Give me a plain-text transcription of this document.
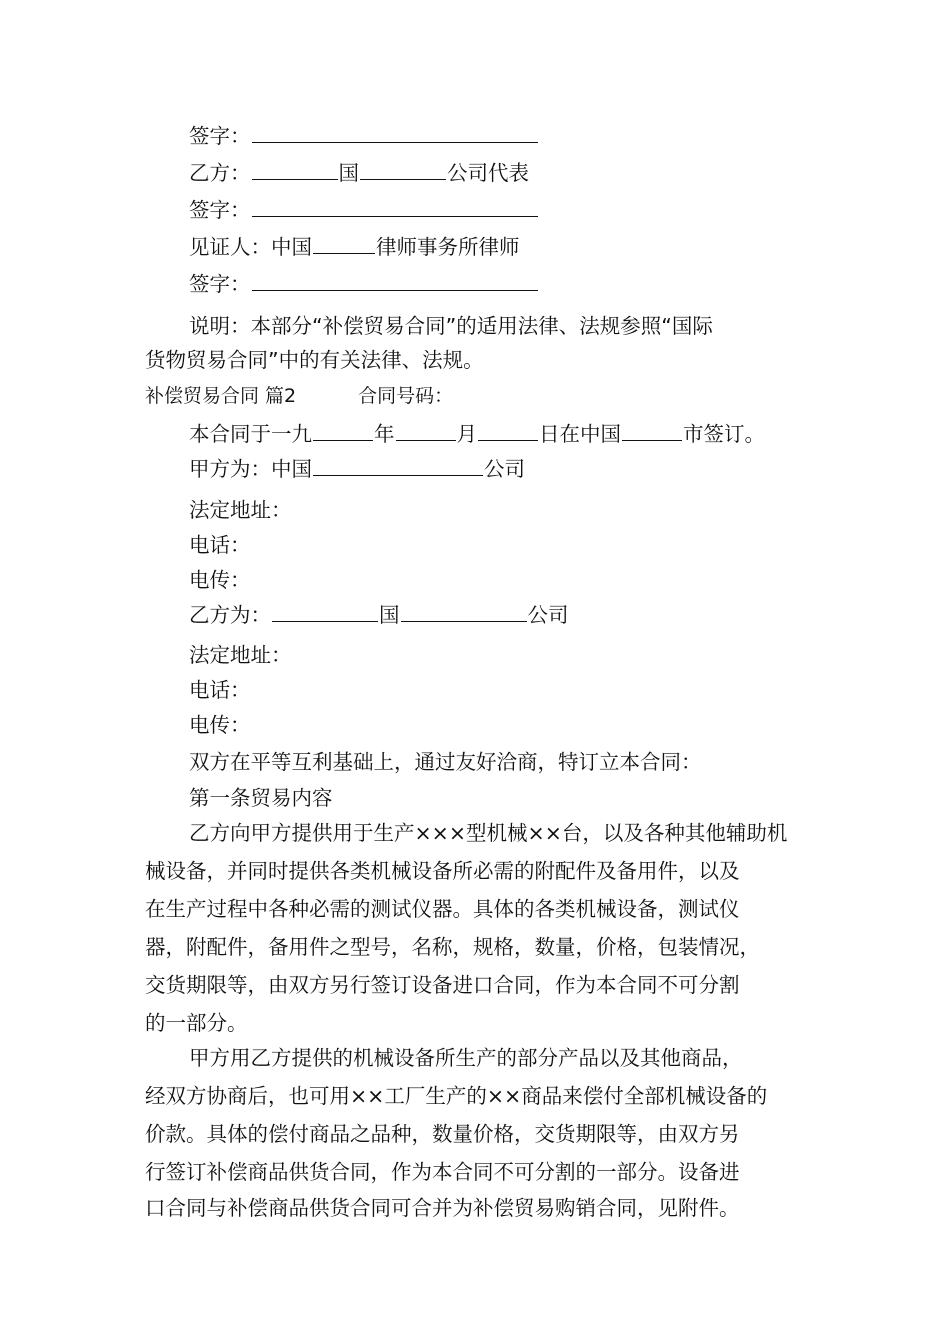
签字：
乙方：	国	公司代表
签字：
见证人：中国	律师事务所律师
签字：
说明：本部分“补偿贸易合同”的适用法律、法规参照“国际
货物贸易合同”中的有关法律、法规。
补偿贸易合同 篇2	合同号码：
本合同于一九	年	月	日在中国	市签订。
甲方为：中国	公司
法定地址：
电话：
电传：
乙方为：	国	公司
法定地址：
电话：
电传：
双方在平等互利基础上，通过友好洽商，特订立本合同：
第一条贸易内容
乙方向甲方提供用于生产×××型机械××台，以及各种其他辅助机
械设备，并同时提供各类机械设备所必需的附配件及备用件，以及
在生产过程中各种必需的测试仪器。具体的各类机械设备，测试仪
器，附配件，备用件之型号，名称，规格，数量，价格，包装情况，
交货期限等，由双方另行签订设备进口合同，作为本合同不可分割
的一部分。
甲方用乙方提供的机械设备所生产的部分产品以及其他商品，
经双方协商后，也可用××工厂生产的××商品来偿付全部机械设备的
价款。具体的偿付商品之品种，数量价格，交货期限等，由双方另
行签订补偿商品供货合同，作为本合同不可分割的一部分。设备进
口合同与补偿商品供货合同可合并为补偿贸易购销合同，见附件。
